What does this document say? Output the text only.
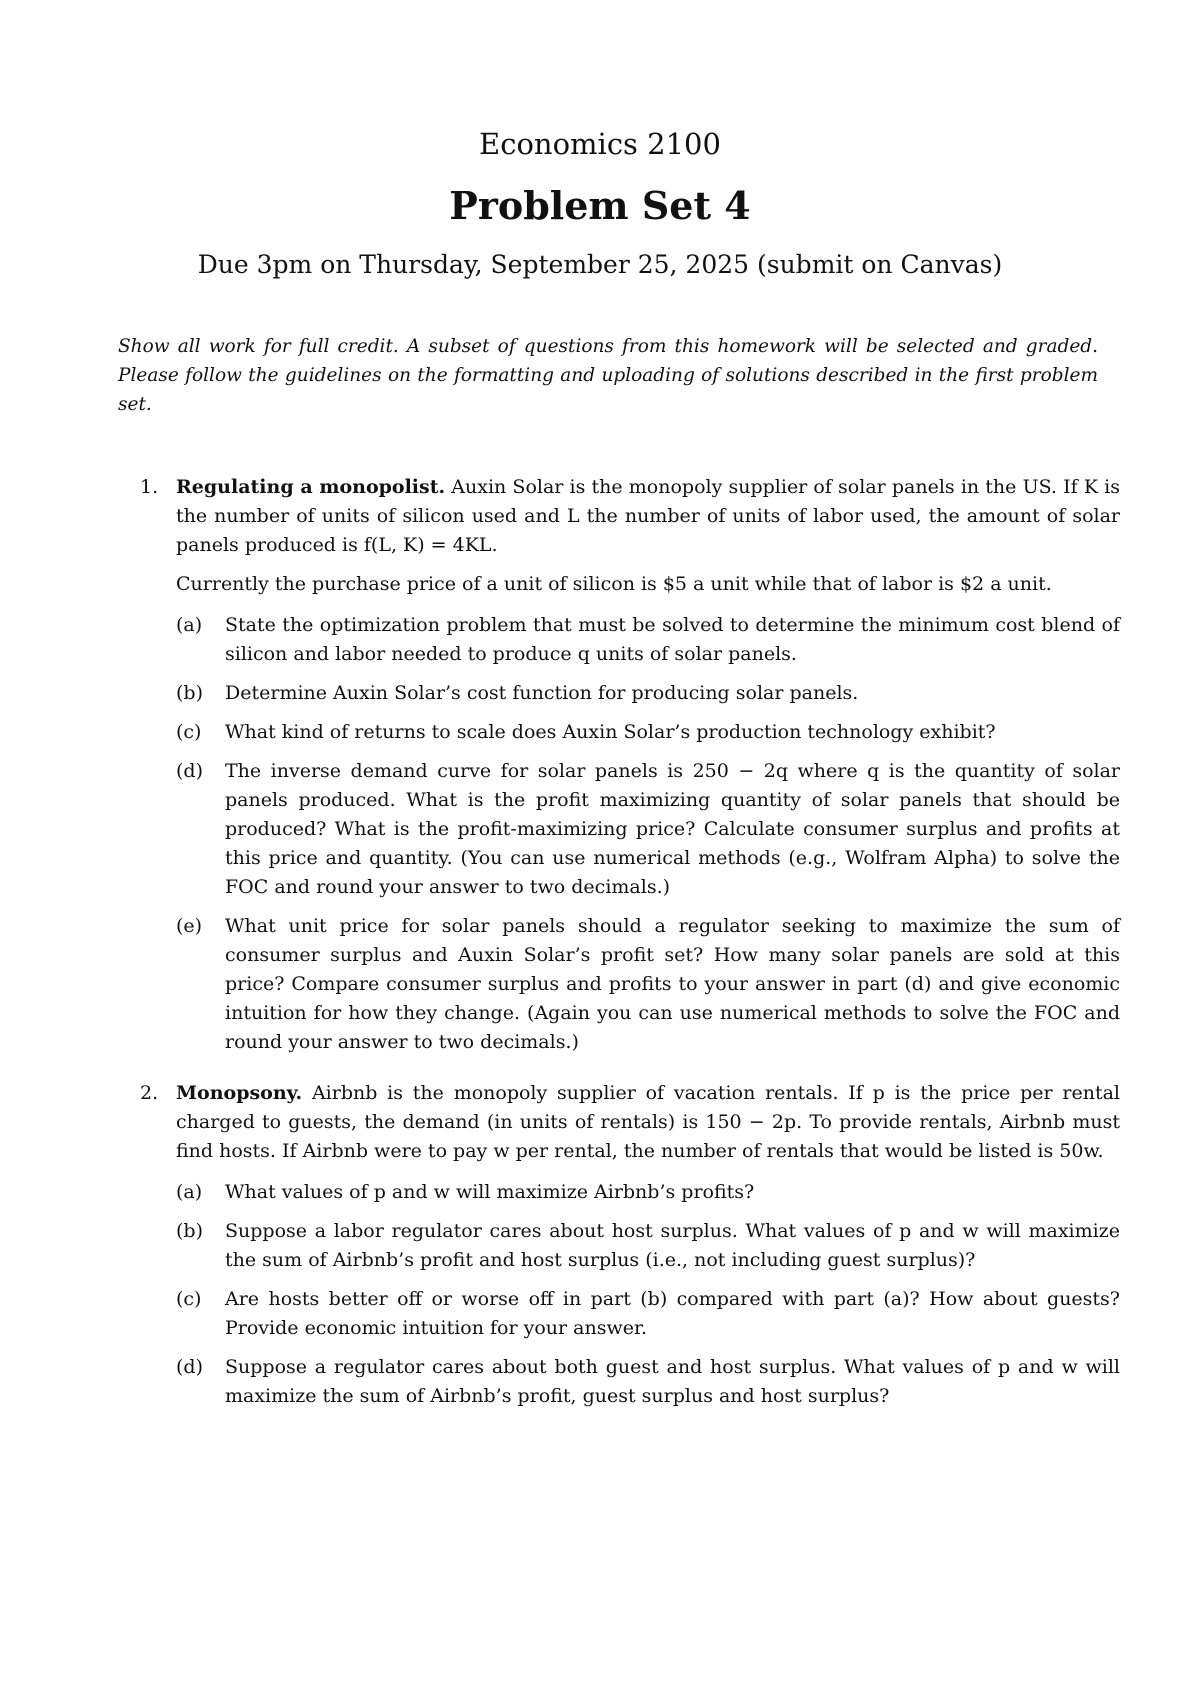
Economics 2100
Problem Set 4
Due 3pm on Thursday, September 25, 2025 (submit on Canvas)

Show all work for full credit. A subset of questions from this homework will be selected and graded. Please follow the guidelines on the formatting and uploading of solutions described in the first problem set.

1. Regulating a monopolist. Auxin Solar is the monopoly supplier of solar panels in the US. If K is the number of units of silicon used and L the number of units of labor used, the amount of solar panels produced is f(L, K) = 4KL.

Currently the purchase price of a unit of silicon is $5 a unit while that of labor is $2 a unit.

(a) State the optimization problem that must be solved to determine the minimum cost blend of silicon and labor needed to produce q units of solar panels.
(b) Determine Auxin Solar’s cost function for producing solar panels.
(c) What kind of returns to scale does Auxin Solar’s production technology exhibit?
(d) The inverse demand curve for solar panels is 250 − 2q where q is the quantity of solar panels produced. What is the profit maximizing quantity of solar panels that should be produced? What is the profit-maximizing price? Calculate consumer surplus and profits at this price and quantity. (You can use numerical methods (e.g., Wolfram Alpha) to solve the FOC and round your answer to two decimals.)
(e) What unit price for solar panels should a regulator seeking to maximize the sum of consumer surplus and Auxin Solar’s profit set? How many solar panels are sold at this price? Compare consumer surplus and profits to your answer in part (d) and give economic intuition for how they change. (Again you can use numerical methods to solve the FOC and round your answer to two decimals.)
2. Monopsony. Airbnb is the monopoly supplier of vacation rentals. If p is the price per rental charged to guests, the demand (in units of rentals) is 150 − 2p. To provide rentals, Airbnb must find hosts. If Airbnb were to pay w per rental, the number of rentals that would be listed is 50w.

(a) What values of p and w will maximize Airbnb’s profits?
(b) Suppose a labor regulator cares about host surplus. What values of p and w will maximize the sum of Airbnb’s profit and host surplus (i.e., not including guest surplus)?
(c) Are hosts better off or worse off in part (b) compared with part (a)? How about guests? Provide economic intuition for your answer.
(d) Suppose a regulator cares about both guest and host surplus. What values of p and w will maximize the sum of Airbnb’s profit, guest surplus and host surplus?
